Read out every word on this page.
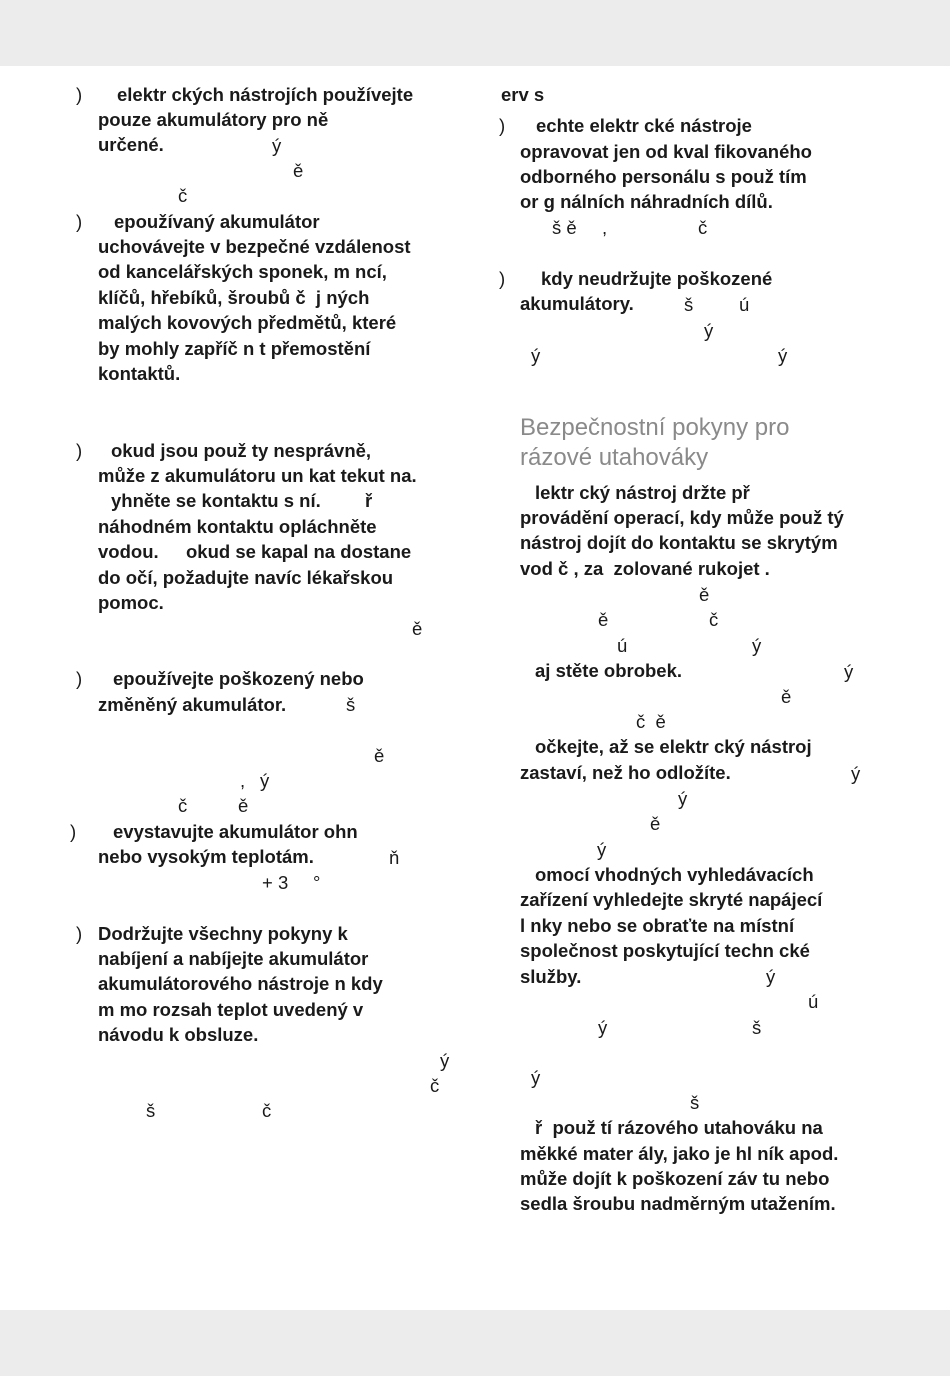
) elektr ckých nástrojích používejte
pouze akumulátory pro ně
určené.	ý
ě
č
) epoužívaný akumulátor
uchovávejte v bezpečné vzdálenost
od kancelářských sponek, m ncí,
klíčů, hřebíků, šroubů č  j ných
malých kovových předmětů, které
by mohly zapříč n t přemostění
kontaktů.
) okud jsou použ ty nesprávně,
může z akumulátoru un kat tekut na.
yhněte se kontaktu s ní. ř
náhodném kontaktu opláchněte
vodou. okud se kapal na dostane
do očí, požadujte navíc lékařskou
pomoc.
ě
) epoužívejte poškozený nebo
změněný akumulátor.	š
ě
, ý
č	ě
) evystavujte akumulátor ohn
nebo vysokým teplotám.	ň
+ 3 °
) Dodržujte všechny pokyny k
nabíjení a nabíjejte akumulátor
akumulátorového nástroje n kdy
m mo rozsah teplot uvedený v
návodu k obsluze.
ý
č
š	č
erv s
) echte elektr cké nástroje
opravovat jen od kval fikovaného
odborného personálu s použ tím
or g nálních náhradních dílů.
š ě ,	č
) kdy neudržujte poškozené
akumulátory.	š ú
ý
ý	ý
Bezpečnostní pokyny pro
rázové utahováky
lektr cký nástroj držte př
provádění operací, kdy může použ tý
nástroj dojít do kontaktu se skrytým
vod č , za  zolované rukojet .
ě
ě	č
ú	ý
aj stěte obrobek.	ý
ě
č  ě
očkejte, až se elektr cký nástroj
zastaví, než ho odložíte.	ý
ý
ě
ý
omocí vhodných vyhledávacích
zařízení vyhledejte skryté napájecí
l nky nebo se obraťte na místní
společnost poskytující techn cké
služby.	ý
ú
ý	š
ý
š
ř  použ tí rázového utahováku na
měkké mater ály, jako je hl ník apod.
může dojít k poškození záv tu nebo
sedla šroubu nadměrným utažením.
